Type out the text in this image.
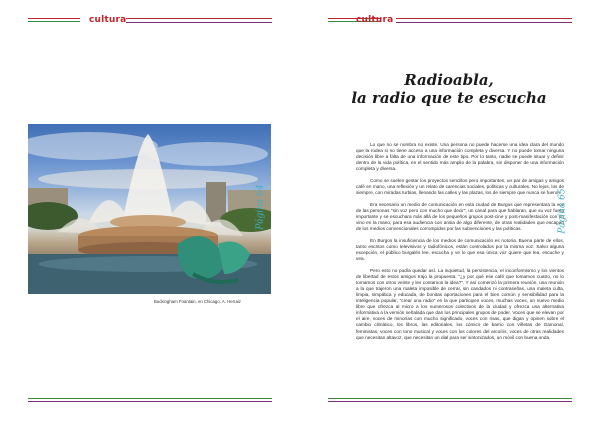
cultura
Buckingham Fountain, en Chicago. A. Herraiz
Página 64
cultura
Radioabla,
la radio que te escucha

Lo que no se nombra no existe. Una persona no puede hacerse una idea clara del mundo que la rodea si no tiene acceso a una información completa y diversa. Y no puede tomar ninguna decisión libre a falta de una información de este tipo. Por lo tanto, nadie se puede situar y definir dentro de la vida política, en el sentido más amplio de la palabra, sin disponer de una información completa y diversa.

Como se suelen gestar los proyectos sencillos pero importantes, un par de amigas y amigos café en mano, una reflexión y un relato de carencias sociales, políticas y culturales. No lejos, los de siempre, con miradas turbias, llenando las calles y las plazas, los de siempre que nunca se fueron.

Era necesario un medio de comunicación en esta ciudad de Burgos que representara la voz de las personas "sin voz pero con mucho que decir", un canal para que hablaran, que su voz fuera importante y se escuchara más allá de los pequeños grupos post-cine y post-manifestación con un vino en la mano; para esa audiencia con ansia de algo diferente, de otras realidades que escapan de los medios convencionales corrompidos por las subvenciones y las políticas.

En Burgos la insuficiencia de los medios de comunicación es notoria. Buena parte de ellos, tanto escritos como televisivos y radiofónicos, están controlados por la misma voz. Salvo alguna excepción, el público burgalés lee, escucha y ve lo que esa única voz quiere que lea, escuche y vea.

Pero esto no podía quedar así. La inquietud, la persistencia, el inconformismo y los vientos de libertad de estos amigos trajo la propuesta: "¿y por qué ese café que tomamos cuatro, no lo tomamos con otros veinte y les contamos la idea?". Y así comenzó la primera reunión, una reunión a la que trajeron una maleta imposible de cerrar, sin candados ni contraseñas, una maleta culta, limpia, simpática y educada, de bonitas aportaciones para el bien común y sensibilidad para la inteligencia popular, "crear una radio" en la que participen voces, muchas voces, un nuevo medio libre que ofrezca al micro a los numerosos colectivos de la ciudad y ofrezca una alternativa informativa a la versión señalada que dan los principales grupos de poder. Voces que se elevan por el aire, voces de minorías con mucho significado, voces con risas, que digan y opinen sobre el cambio climático, los libros, las editoriales, los cómics de barrio con viñetas de Gamonal, feministas, voces con tono musical y voces con los colores del arcoíris, voces de otras realidades que necesitan altavoz, que necesitan un dial para ser sintonizados, un móvil con buena onda.

Página 65
